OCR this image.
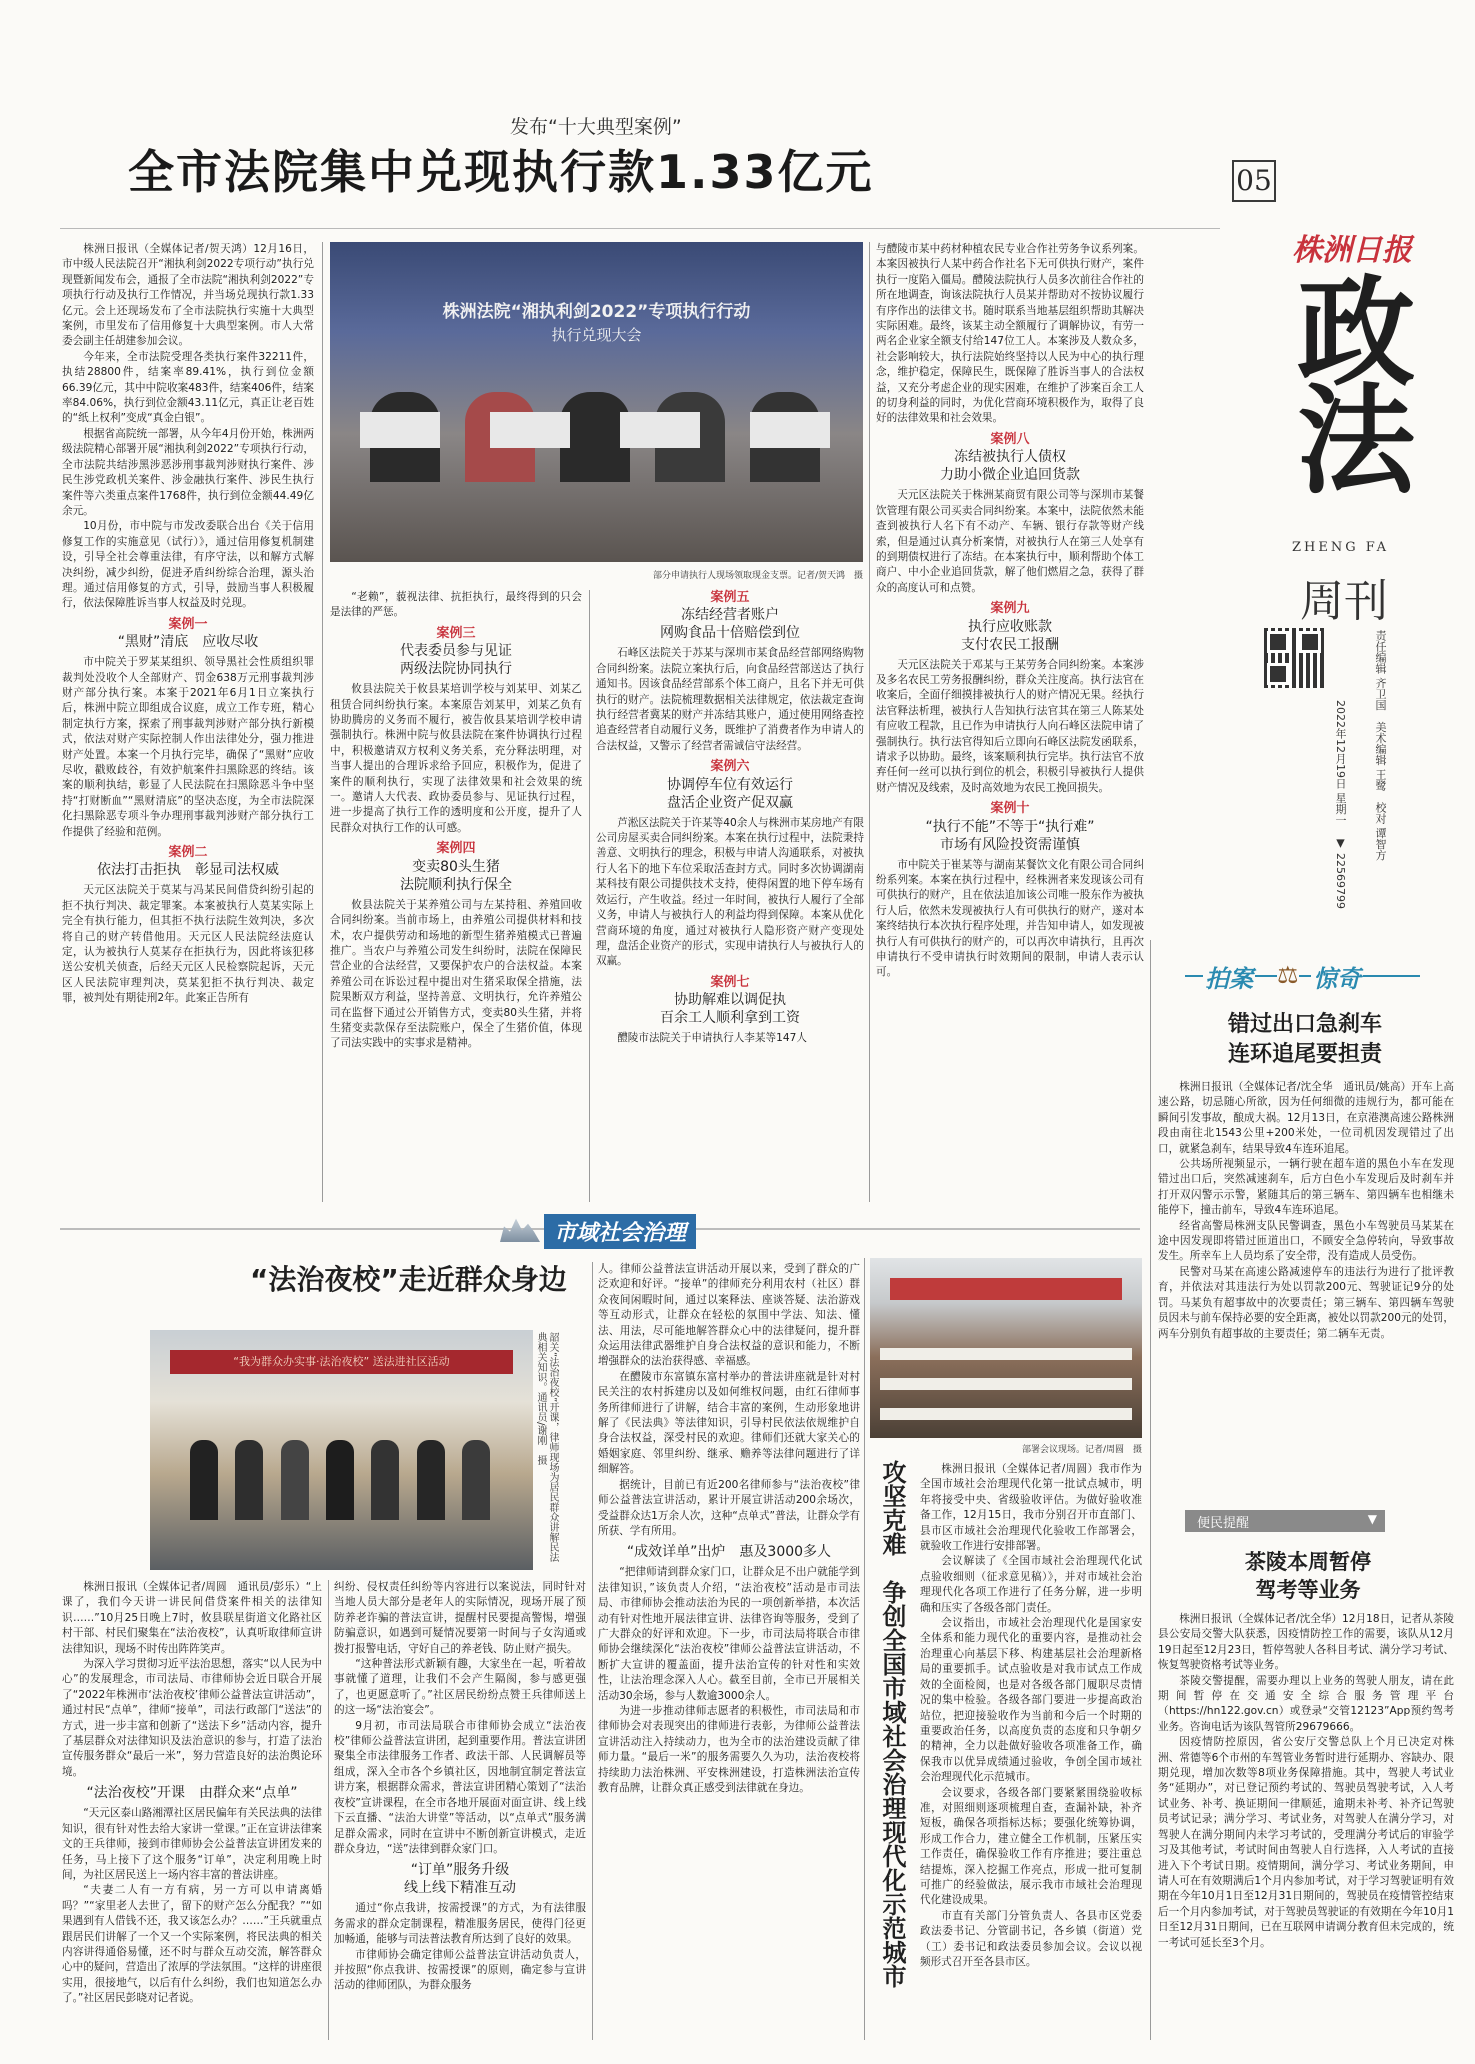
05
株洲日报
政法
ZHENG FA
周刊
责任编辑 齐卫国　美术编辑 王鹭　校对 谭智方
2022年12月19日 星期一　▼ 22569799
发布“十大典型案例”
全市法院集中兑现执行款1.33亿元

株洲日报讯（全媒体记者/贺天鸿）12月16日，市中级人民法院召开“湘执利剑2022专项行动”执行兑现暨新闻发布会，通报了全市法院“湘执利剑2022”专项执行行动及执行工作情况，并当场兑现执行款1.33亿元。会上还现场发布了全市法院执行实施十大典型案例，市里发布了信用修复十大典型案例。市人大常委会副主任胡建参加会议。

今年来，全市法院受理各类执行案件32211件，执结28800件，结案率89.41%，执行到位金额66.39亿元，其中中院收案483件，结案406件，结案率84.06%，执行到位金额43.11亿元，真正让老百姓的“纸上权利”变成“真金白银”。

根据省高院统一部署，从今年4月份开始，株洲两级法院精心部署开展“湘执利剑2022”专项执行行动，全市法院共结涉黑涉恶涉刑事裁判涉财执行案件、涉民生涉党政机关案件、涉金融执行案件、涉民生执行案件等六类重点案件1768件，执行到位金额44.49亿余元。

10月份，市中院与市发改委联合出台《关于信用修复工作的实施意见（试行）》，通过信用修复机制建设，引导全社会尊重法律，有序守法，以和解方式解决纠纷，减少纠纷，促进矛盾纠纷综合治理，源头治理。通过信用修复的方式，引导，鼓励当事人积极履行，依法保障胜诉当事人权益及时兑现。

案例一
“黑财”清底　应收尽收

市中院关于罗某某组织、领导黑社会性质组织罪裁判处没收个人全部财产、罚金638万元刑事裁判涉财产部分执行案。本案于2021年6月1日立案执行后，株洲中院立即组成合议庭，成立工作专班，精心制定执行方案，探索了刑事裁判涉财产部分执行新模式，依法对财产实际控制人作出法律处分，强力推进财产处置。本案一个月执行完毕，确保了“黑财”应收尽收，戳败歧谷，有效护航案件扫黑除恶的终结。该案的顺利执结，彰显了人民法院在扫黑除恶斗争中坚持“打财断血”“黑财清底”的坚决态度，为全市法院深化扫黑除恶专项斗争办理刑事裁判涉财产部分执行工作提供了经验和范例。

案例二
依法打击拒执　彰显司法权威

天元区法院关于莫某与冯某民间借贷纠纷引起的拒不执行判决、裁定罪案。本案被执行人莫某实际上完全有执行能力，但其拒不执行法院生效判决，多次将自己的财产转借他用。天元区人民法院经法庭认定，认为被执行人莫某存在拒执行为，因此将该犯移送公安机关侦查，后经天元区人民检察院起诉，天元区人民法院审理判决，莫某犯拒不执行判决、裁定罪，被判处有期徒刑2年。此案正告所有

株洲法院“湘执利剑2022”专项执行行动
执行兑现大会
部分申请执行人现场领取现金支票。记者/贺天鸿　摄

“老赖”，藐视法律、抗拒执行，最终得到的只会是法律的严惩。

案例三
代表委员参与见证
两级法院协同执行

攸县法院关于攸县某培训学校与刘某甲、刘某乙租赁合同纠纷执行案。本案原告刘某甲，刘某乙负有协助腾房的义务而不履行，被告攸县某培训学校申请强制执行。株洲中院与攸县法院在案件协调执行过程中，积极邀请双方权利义务关系，充分释法明理，对当事人提出的合理诉求给予回应，积极作为，促进了案件的顺利执行，实现了法律效果和社会效果的统一。邀请人大代表、政协委员参与、见证执行过程，进一步提高了执行工作的透明度和公开度，提升了人民群众对执行工作的认可感。

案例四
变卖80头生猪
法院顺利执行保全

攸县法院关于某养殖公司与左某持租、养殖回收合同纠纷案。当前市场上，由养殖公司提供材料和技术，农户提供劳动和场地的新型生猪养殖模式已普遍推广。当农户与养殖公司发生纠纷时，法院在保障民营企业的合法经营，又要保护农户的合法权益。本案养殖公司在诉讼过程中提出对生猪采取保全措施，法院果断双方利益，坚持善意、文明执行，允许养殖公司在监督下通过公开销售方式，变卖80头生猪，并将生猪变卖款保存至法院账户，保全了生猪价值，体现了司法实践中的实事求是精神。

案例五
冻结经营者账户
网购食品十倍赔偿到位

石峰区法院关于苏某与深圳市某食品经营部网络购物合同纠纷案。法院立案执行后，向食品经营部送达了执行通知书。因该食品经营部系个体工商户，且名下并无可供执行的财产。法院梳理数据相关法律规定，依法裁定查询执行经营者冀某的财产并冻结其账户，通过使用网络查控追查经营者自动履行义务，既维护了消费者作为申请人的合法权益，又警示了经营者需诚信守法经营。

案例六
协调停车位有效运行
盘活企业资产促双赢

芦淞区法院关于许某等40余人与株洲市某房地产有限公司房屋买卖合同纠纷案。本案在执行过程中，法院秉持善意、文明执行的理念，积极与申请人沟通联系，对被执行人名下的地下车位采取活查封方式。同时多次协调湖南某科技有限公司提供技术支持，使得闲置的地下停车场有效运行，产生收益。经过一年时间，被执行人履行了全部义务，申请人与被执行人的利益均得到保障。本案从优化营商环境的角度，通过对被执行人隐形资产财产变现处理，盘活企业资产的形式，实现申请执行人与被执行人的双赢。

案例七
协助解难以调促执
百余工人顺利拿到工资

醴陵市法院关于申请执行人李某等147人

与醴陵市某中药材种植农民专业合作社劳务争议系列案。本案因被执行人某中药合作社名下无可供执行财产，案件执行一度陷入僵局。醴陵法院执行人员多次前往合作社的所在地调查，询该法院执行人员某并帮助对不按协议履行有序作出的法律文书。随时联系当地基层组织帮助其解决实际困难。最终，该某主动全额履行了调解协议，有劳一两名企业家全额支付给147位工人。本案涉及人数众多，社会影响较大，执行法院始终坚持以人民为中心的执行理念，维护稳定，保障民生，既保障了胜诉当事人的合法权益，又充分考虑企业的现实困难，在维护了涉案百余工人的切身利益的同时，为优化营商环境积极作为，取得了良好的法律效果和社会效果。

案例八
冻结被执行人债权
力助小微企业追回货款

天元区法院关于株洲某商贸有限公司等与深圳市某餐饮管理有限公司买卖合同纠纷案。本案中，法院依然未能查到被执行人名下有不动产、车辆、银行存款等财产线索，但是通过认真分析案情，对被执行人在第三人处享有的到期债权进行了冻结。在本案执行中，顺利帮助个体工商户、中小企业追回货款，解了他们燃眉之急，获得了群众的高度认可和点赞。

案例九
执行应收账款
支付农民工报酬

天元区法院关于邓某与王某劳务合同纠纷案。本案涉及多名农民工劳务报酬纠纷，群众关注度高。执行法官在收案后，全面仔细摸排被执行人的财产情况无果。经执行法官释法析理，被执行人告知执行法官其在第三人陈某处有应收工程款，且已作为申请执行人向石峰区法院申请了强制执行。执行法官得知后立即向石峰区法院发函联系，请求予以协助。最终，该案顺利执行完毕。执行法官不放弃任何一丝可以执行到位的机会，积极引导被执行人提供财产情况及线索，及时高效地为农民工挽回损失。

案例十
“执行不能”不等于“执行难”
市场有风险投资需谨慎

市中院关于崔某等与湖南某餐饮文化有限公司合同纠纷系列案。本案在执行过程中，经株洲者来发现该公司有可供执行的财产，且在依法追加该公司唯一股东作为被执行人后，依然未发现被执行人有可供执行的财产，遂对本案终结执行本次执行程序处理，并告知申请人，如发现被执行人有可供执行的财产的，可以再次申请执行，且再次申请执行不受申请执行时效期间的限制，申请人表示认可。	拍案 ⚖ 惊奇
错过出口急刹车
连环追尾要担责

株洲日报讯（全媒体记者/沈全华　通讯员/姚高）开车上高速公路，切忌随心所欲，因为任何细微的违规行为，都可能在瞬间引发事故，酿成大祸。12月13日，在京港澳高速公路株洲段由南往北1543公里+200米处，一位司机因发现错过了出口，就紧急刹车，结果导致4车连环追尾。

公共场所视频显示，一辆行驶在超车道的黑色小车在发现错过出口后，突然减速刹车，后方白色小车发现后及时刹车并打开双闪警示示警，紧随其后的第三辆车、第四辆车也相继未能停下，撞击前车，导致4车连环追尾。

经省高警局株洲支队民警调查，黑色小车驾驶员马某某在途中因发现即将错过匝道出口，不顾安全急停转向，导致事故发生。所幸车上人员均系了安全带，没有造成人员受伤。

民警对马某在高速公路减速停车的违法行为进行了批评教育，并依法对其违法行为处以罚款200元、驾驶证记9分的处罚。马某负有超事故中的次要责任；第三辆车、第四辆车驾驶员因未与前车保持必要的安全距离，被处以罚款200元的处罚，两车分别负有超事故的主要责任；第二辆车无责。

便民提醒	▼
茶陵本周暂停
驾考等业务

株洲日报讯（全媒体记者/沈全华）12月18日，记者从茶陵县公安局交警大队获悉，因疫情防控工作的需要，该队从12月19日起至12月23日，暂停驾驶人各科目考试、满分学习考试、恢复驾驶资格考试等业务。

茶陵交警提醒，需要办理以上业务的驾驶人朋友，请在此期间暂停在交通安全综合服务管理平台（https://hn122.gov.cn）或登录“交管12123”App预约驾考业务。咨询电话为该队驾管所29679666。

因疫情防控原因，省公安厅交警总队上个月已决定对株洲、常德等6个市州的车驾管业务暂时进行延期办、容缺办、限期兑现，增加次数等8项业务保障措施。其中，驾驶人考试业务“延期办”，对已登记预约考试的、驾驶员驾驶考试，入人考试业务、补考、换证期间一律顺延，逾期未补考、补齐记驾驶员考试记录；满分学习、考试业务，对驾驶人在满分学习，对驾驶人在满分期间内未学习考试的，受理满分考试后的审验学习及其他考试，考试时间由驾驶人自行选择，入人考试的直接进入下个考试日期。疫情期间，满分学习、考试业务期间，申请人可在有效期满后1个月内参加考试，对于学习驾驶证明有效期在今年10月1日至12月31日期间的，驾驶员在疫情管控结束后一个月内参加考试，对于驾驶员驾驶证的有效期在今年10月1日至12月31日期间，已在互联网申请调分教育但未完成的，统一考试可延长至3个月。

市域社会治理
“法治夜校”走近群众身边
“我为群众办实事·法治夜校” 送法进社区活动	韶关“法治夜校”开课，律师现场为居民群众讲解民法典相关知识。通讯员/谢刚　摄

株洲日报讯（全媒体记者/周圆　通讯员/彭乐）“上课了，我们今天讲一讲民间借贷案件相关的法律知识……”10月25日晚上7时，攸县联星街道文化路社区村干部、村民们聚集在“法治夜校”，认真听取律师宣讲法律知识，现场不时传出阵阵笑声。

为深入学习贯彻习近平法治思想，落实“以人民为中心”的发展理念，市司法局、市律师协会近日联合开展了“2022年株洲市‘法治夜校’律师公益普法宣讲活动”，通过村民“点单”，律师“接单”，司法行政部门“送法”的方式，进一步丰富和创新了“送法下乡”活动内容，提升了基层群众对法律知识及法治意识的参与，打造了法治宣传服务群众“最后一米”，努力营造良好的法治舆论环境。

“法治夜校”开课　由群众来“点单”

“天元区泰山路湘潭社区居民偏年有关民法典的法律知识，很有针对性去给大家讲一堂课。”正在宣讲法律案文的王兵律师，接到市律师协会公益普法宣讲团发来的任务，马上接下了这个服务“订单”，决定利用晚上时间，为社区居民送上一场内容丰富的普法讲座。

“夫妻二人有一方有病，另一方可以申请离婚吗？”“家里老人去世了，留下的财产怎么分配我？”“如果遇到有人借钱不还，我又该怎么办？……”王兵就重点跟居民们讲解了一个又一个实际案例，将民法典的相关内容讲得通俗易懂，还不时与群众互动交流，解答群众心中的疑问，营造出了浓厚的学法氛围。“这样的讲座很实用，很接地气，以后有什么纠纷，我们也知道怎么办了。”社区居民彭晓对记者说。

纠纷、侵权责任纠纷等内容进行以案说法，同时针对当地人员大部分是老年人的实际情况，现场开展了预防养老诈骗的普法宣讲，提醒村民要提高警惕，增强防骗意识，如遇到可疑情况要第一时间与子女沟通或拨打报警电话，守好自己的养老钱、防止财产损失。

“这种普法形式新颖有趣，大家坐在一起，听着故事就懂了道理，让我们不会产生隔阂，参与感更强了，也更愿意听了。”社区居民纷纷点赞王兵律师送上的这一场“法治宴会”。

9月初，市司法局联合市律师协会成立“法治夜校”律师公益普法宣讲团，起到重要作用。普法宣讲团聚集全市法律服务工作者、政法干部、人民调解员等组成，深入全市各个乡镇社区，因地制宜制定普法宣讲方案，根据群众需求，普法宣讲团精心策划了“法治夜校”宣讲课程，在全市各地开展面对面宣讲、线上线下云直播、“法治大讲堂”等活动，以“点单式”服务满足群众需求，同时在宣讲中不断创新宣讲模式，走近群众身边，“送”法律到群众家门口。

“订单”服务升级
线上线下精准互动

通过“你点我讲，按需授课”的方式，为有法律服务需求的群众定制课程，精准服务居民，使得门径更加畅通，能够与司法普法教育所达到了良好的效果。

市律师协会确定律师公益普法宣讲活动负责人，并按照“你点我讲、按需授课”的原则，确定参与宣讲活动的律师团队，为群众服务

人。律师公益普法宣讲活动开展以来，受到了群众的广泛欢迎和好评。“接单”的律师充分利用农村（社区）群众夜间闲暇时间，通过以案释法、座谈答疑、法治游戏等互动形式，让群众在轻松的氛围中学法、知法、懂法、用法，尽可能地解答群众心中的法律疑问，提升群众运用法律武器维护自身合法权益的意识和能力，不断增强群众的法治获得感、幸福感。

在醴陵市东富镇东富村举办的普法讲座就是针对村民关注的农村拆建房以及如何维权问题，由红石律师事务所律师进行了讲解，结合丰富的案例，生动形象地讲解了《民法典》等法律知识，引导村民依法依规维护自身合法权益，深受村民的欢迎。律师们还就大家关心的婚姻家庭、邻里纠纷、继承、赡养等法律问题进行了详细解答。

据统计，目前已有近200名律师参与“法治夜校”律师公益普法宣讲活动，累计开展宣讲活动200余场次，受益群众达1万余人次，这种“点单式”普法，让群众学有所获、学有所用。

“成效详单”出炉　惠及3000多人

“把律师请到群众家门口，让群众足不出户就能学到法律知识，”该负责人介绍，“法治夜校”活动是市司法局、市律师协会推动法治为民的一项创新举措，本次活动有针对性地开展法律宣讲、法律咨询等服务，受到了广大群众的好评和欢迎。下一步，市司法局将联合市律师协会继续深化“法治夜校”律师公益普法宣讲活动，不断扩大宣讲的覆盖面，提升法治宣传的针对性和实效性，让法治理念深入人心。截至目前，全市已开展相关活动30余场，参与人数逾3000余人。

为进一步推动律师志愿者的积极性，市司法局和市律师协会对表现突出的律师进行表彰，为律师公益普法宣讲活动注入持续动力，也为全市的法治建设贡献了律师力量。“最后一米”的服务需要久久为功，法治夜校将持续助力法治株洲、平安株洲建设，打造株洲法治宣传教育品牌，让群众真正感受到法律就在身边。	攻坚克难　争创全国市域社会治理现代化示范城市
部署会议现场。记者/周圆　摄

株洲日报讯（全媒体记者/周圆）我市作为全国市域社会治理现代化第一批试点城市，明年将接受中央、省级验收评估。为做好验收准备工作，12月15日，我市分别召开市直部门、县市区市域社会治理现代化验收工作部署会，就验收工作进行安排部署。

会议解读了《全国市域社会治理现代化试点验收细则（征求意见稿）》，并对市域社会治理现代化各项工作进行了任务分解，进一步明确和压实了各级各部门责任。

会议指出，市域社会治理现代化是国家安全体系和能力现代化的重要内容，是推动社会治理重心向基层下移、构建基层社会治理新格局的重要抓手。试点验收是对我市试点工作成效的全面检阅，也是对各级各部门履职尽责情况的集中检验。各级各部门要进一步提高政治站位，把迎接验收作为当前和今后一个时期的重要政治任务，以高度负责的态度和只争朝夕的精神，全力以赴做好验收各项准备工作，确保我市以优异成绩通过验收，争创全国市域社会治理现代化示范城市。

会议要求，各级各部门要紧紧围绕验收标准，对照细则逐项梳理自查，查漏补缺，补齐短板，确保各项指标达标；要强化统筹协调，形成工作合力，建立健全工作机制，压紧压实工作责任，确保验收工作有序推进；要注重总结提炼，深入挖掘工作亮点，形成一批可复制可推广的经验做法，展示我市市域社会治理现代化建设成果。

市直有关部门分管负责人、各县市区党委政法委书记、分管副书记，各乡镇（街道）党（工）委书记和政法委员参加会议。会议以视频形式召开至各县市区。
